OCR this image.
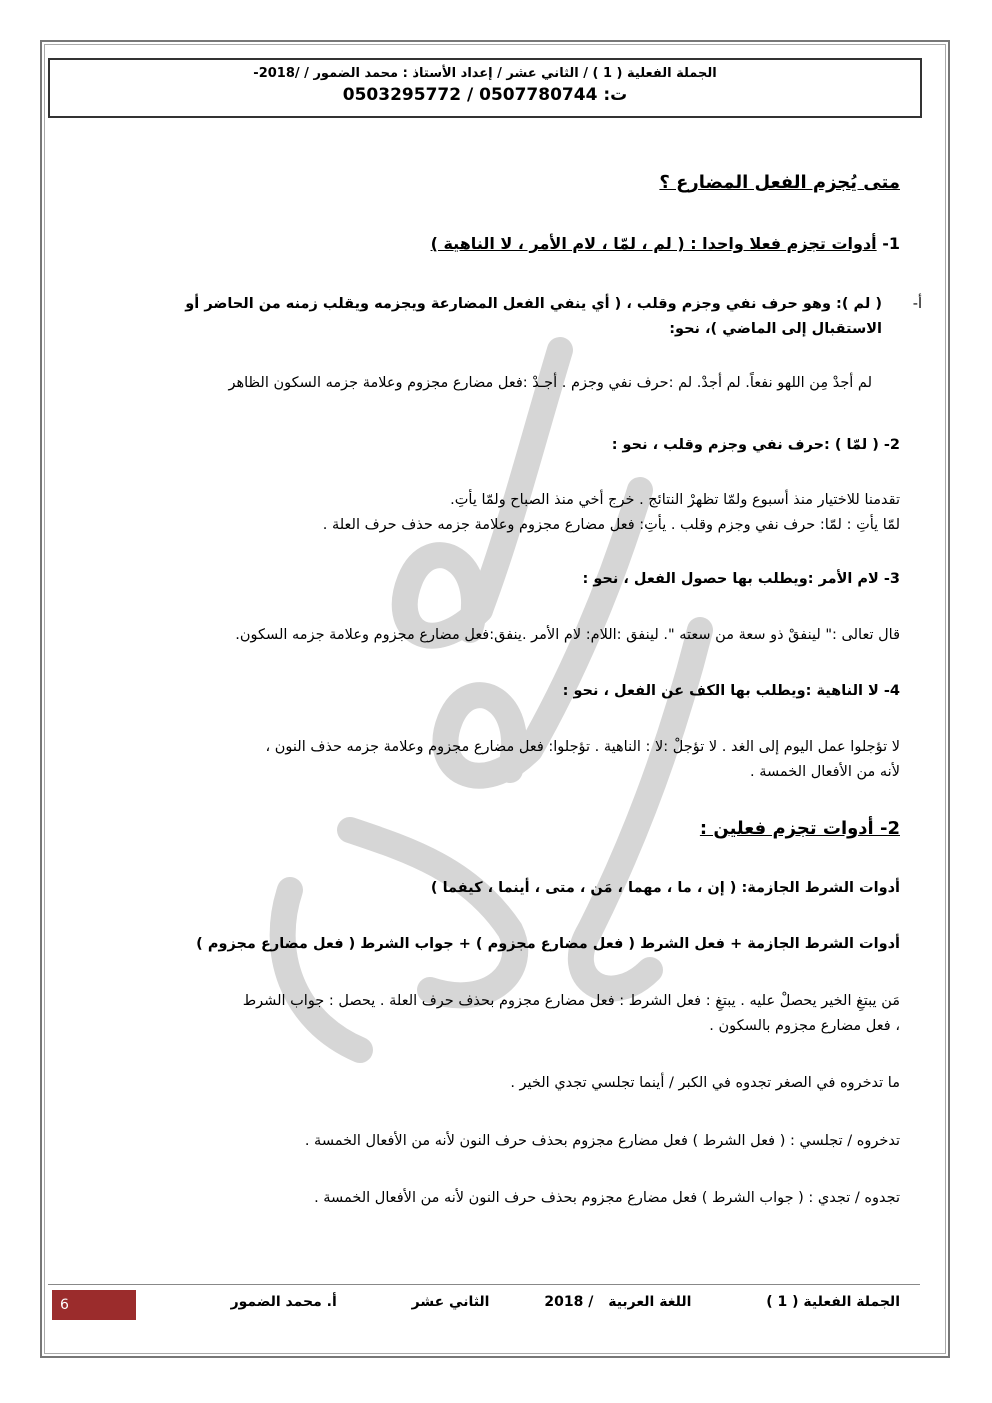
الجملة الفعلية ( 1 ) / الثاني عشر / إعداد الأستاذ : محمد الضمور / /2018-
ت: 0507780744 / 0503295772
متى يُجزم الفعل المضارع ؟
1- أدوات تجزم فعلا واحدا : ( لم ، لمّا ، لام الأمر ، لا الناهية )
أ-
( لم ): وهو حرف نفي وجزم وقلب ، ( أي ينفي الفعل المضارعة ويجزمه ويقلب زمنه من الحاضر أو
الاستقبال إلى الماضي )، نحو:
لم أجدْ مِن اللهو نفعاً. لم أجدْ. لم :حرف نفي وجزم . أجـدْ :فعل مضارع مجزوم وعلامة جزمه السكون الظاهر
2- ( لمّا ) :حرف نفي وجزم وقلب ، نحو :
تقدمنا للاختيار منذ أسبوع ولمّا تظهرْ النتائج . خرج أخي منذ الصباح ولمّا يأتِ.
لمّا يأتِ : لمّا: حرف نفي وجزم وقلب . يأتِ: فعل مضارع مجزوم وعلامة جزمه حذف حرف العلة .
3- لام الأمر :ويطلب بها حصول الفعل ، نحو :
قال تعالى :" لينفقْ ذو سعة من سعته ". لينفق :اللام: لام الأمر .ينفق:فعل مضارع مجزوم وعلامة جزمه السكون.
4- لا الناهية :ويطلب بها الكف عن الفعل ، نحو :
لا تؤجلوا عمل اليوم إلى الغد . لا تؤجلْ :لا : الناهية . تؤجلوا: فعل مضارع مجزوم وعلامة جزمه حذف النون ،
لأنه من الأفعال الخمسة .
2- أدوات تجزم فعلين :
أدوات الشرط الجازمة: ( إن ، ما ، مهما ، مَن ، متى ، أينما ، كيفما )
أدوات الشرط الجازمة + فعل الشرط ( فعل مضارع مجزوم ) + جواب الشرط ( فعل مضارع مجزوم )
مَن يبتغِ الخير يحصلْ عليه . يبتغِ : فعل الشرط : فعل مضارع مجزوم بحذف حرف العلة . يحصل : جواب الشرط
، فعل مضارع مجزوم بالسكون .
ما تدخروه في الصغر تجدوه في الكبر / أينما تجلسي تجدي الخير .
تدخروه / تجلسي : ( فعل الشرط ) فعل مضارع مجزوم بحذف حرف النون لأنه من الأفعال الخمسة .
تجدوه / تجدي : ( جواب الشرط ) فعل مضارع مجزوم بحذف حرف النون لأنه من الأفعال الخمسة .
الجملة الفعلية ( 1 ) اللغة العربية / 2018 الثاني عشر أ. محمد الضمور
6
